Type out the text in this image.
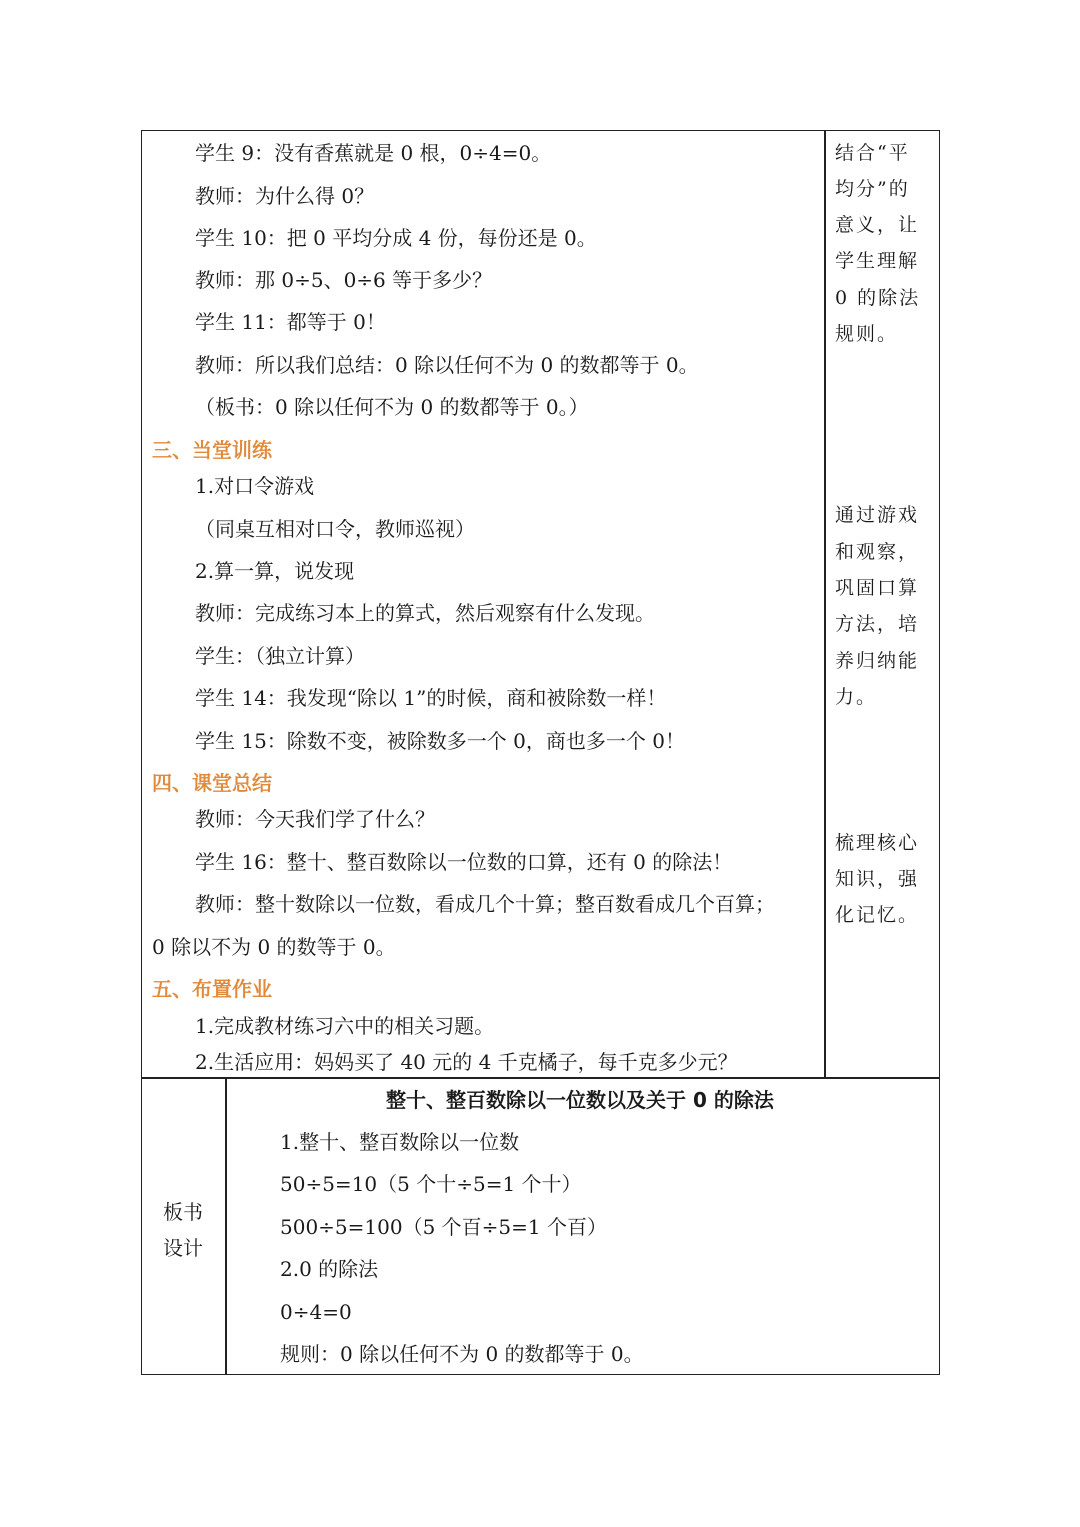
学生 9：没有香蕉就是 0 根，0÷4=0。
教师：为什么得 0？
学生 10：把 0 平均分成 4 份，每份还是 0。
教师：那 0÷5、0÷6 等于多少？
学生 11：都等于 0！
教师：所以我们总结：0 除以任何不为 0 的数都等于 0。
（板书：0 除以任何不为 0 的数都等于 0。）
三、当堂训练
1.对口令游戏
（同桌互相对口令，教师巡视）
2.算一算，说发现
教师：完成练习本上的算式，然后观察有什么发现。
学生：（独立计算）
学生 14：我发现“除以 1”的时候，商和被除数一样！
学生 15：除数不变，被除数多一个 0，商也多一个 0！
四、课堂总结
教师：今天我们学了什么？
学生 16：整十、整百数除以一位数的口算，还有 0 的除法！
教师：整十数除以一位数，看成几个十算；整百数看成几个百算；
0 除以不为 0 的数等于 0。
五、布置作业
1.完成教材练习六中的相关习题。
2.生活应用：妈妈买了 40 元的 4 千克橘子，每千克多少元？
结合“平
均分”的
意义，让
学生理解
0 的除法
规则。
通过游戏
和观察，
巩固口算
方法，培
养归纳能
力。
梳理核心
知识，强
化记忆。
板书
设计
整十、整百数除以一位数以及关于 0 的除法
1.整十、整百数除以一位数
50÷5=10（5 个十÷5=1 个十）
500÷5=100（5 个百÷5=1 个百）
2.0 的除法
0÷4=0
规则：0 除以任何不为 0 的数都等于 0。
